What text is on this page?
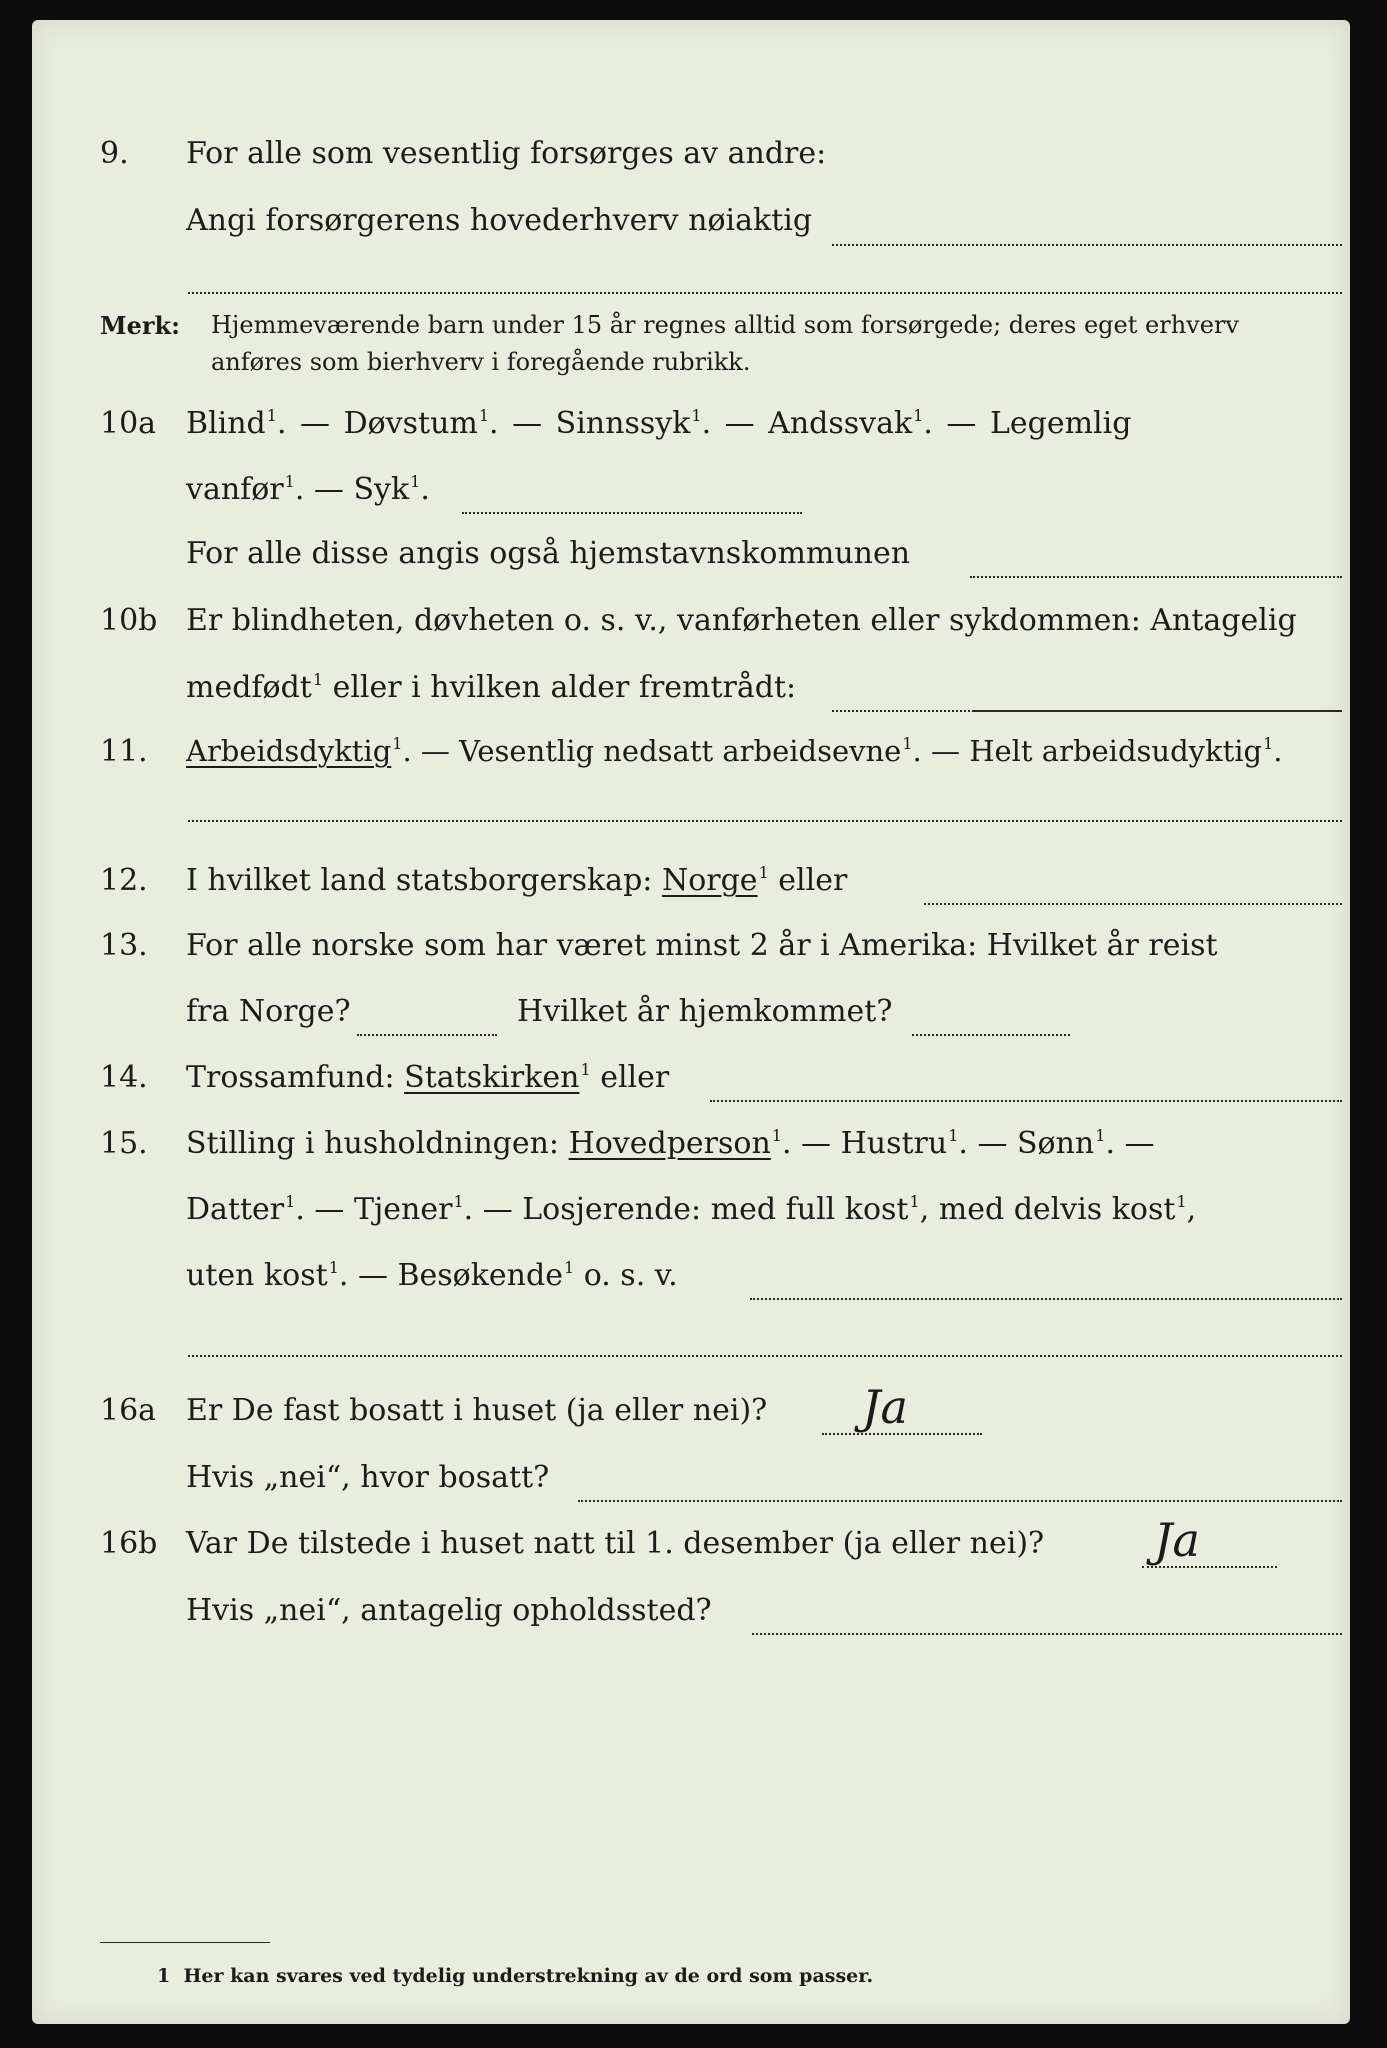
9. For alle som vesentlig forsørges av andre:
Angi forsørgerens hovederhverv nøiaktig
Merk: Hjemmeværende barn under 15 år regnes alltid som forsørgede; deres eget erhverv
anføres som bierhverv i foregående rubrikk.
10a Blind$^1$. — Døvstum$^1$. — Sinnssyk$^1$. — Andssvak$^1$. — Legemlig
vanfør$^1$. — Syk$^1$.
For alle disse angis også hjemstavnskommunen
10b Er blindheten, døvheten o. s. v., vanførheten eller sykdommen: Antagelig
medfødt$^1$ eller i hvilken alder fremtrådt:
11. Arbeidsdyktig$^1$. — Vesentlig nedsatt arbeidsevne$^1$. — Helt arbeidsudyktig$^1$.
12. I hvilket land statsborgerskap: Norge$^1$ eller
13. For alle norske som har været minst 2 år i Amerika: Hvilket år reist
fra Norge?	Hvilket år hjemkommet?
14. Trossamfund: Statskirken$^1$ eller
15. Stilling i husholdningen: Hovedperson$^1$. — Hustru$^1$. — Sønn$^1$. —
Datter$^1$. — Tjener$^1$. — Losjerende: med full kost$^1$, med delvis kost$^1$,
uten kost$^1$. — Besøkende$^1$ o. s. v.
16a Er De fast bosatt i huset (ja eller nei)? Ja
Hvis „nei“, hvor bosatt?
16b Var De tilstede i huset natt til 1. desember (ja eller nei)? Ja
Hvis „nei“, antagelig opholdssted?
1 Her kan svares ved tydelig understrekning av de ord som passer.
